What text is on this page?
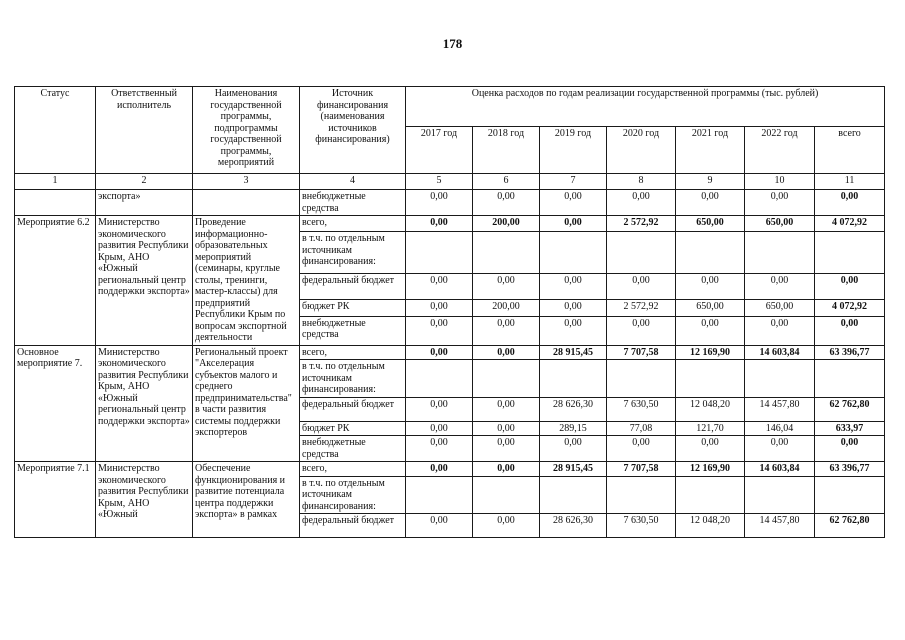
178
Статус	Ответственный исполнитель	Наименования государственной программы, подпрограммы государственной программы, мероприятий	Источник финансирования (наименования источников финансирования)	Оценка расходов по годам реализации государственной программы (тыс. рублей)						
				2017 год	2018 год	2019 год	2020 год	2021 год	2022 год	всего
1	2	3	4	5	6	7	8	9	10	11
	экспорта»		внебюджетные средства	0,00	0,00	0,00	0,00	0,00	0,00	0,00
Мероприятие 6.2	Министерство экономического развития Республики Крым, АНО «Южный региональный центр поддержки экспорта»	Проведение информационно-образовательных мероприятий (семинары, круглые столы, тренинги, мастер-классы) для предприятий Республики Крым по вопросам экспортной деятельности	всего,	0,00	200,00	0,00	2 572,92	650,00	650,00	4 072,92
			в т.ч. по отдельным источникам финансирования:							
			федеральный бюджет	0,00	0,00	0,00	0,00	0,00	0,00	0,00
			бюджет РК	0,00	200,00	0,00	2 572,92	650,00	650,00	4 072,92
			внебюджетные средства	0,00	0,00	0,00	0,00	0,00	0,00	0,00
Основное мероприятие 7.	Министерство экономического развития Республики Крым, АНО «Южный региональный центр поддержки экспорта»	Региональный проект "Акселерация субъектов малого и среднего предпринимательства" в части развития системы поддержки экспортеров	всего,	0,00	0,00	28 915,45	7 707,58	12 169,90	14 603,84	63 396,77
			в т.ч. по отдельным источникам финансирования:							
			федеральный бюджет	0,00	0,00	28 626,30	7 630,50	12 048,20	14 457,80	62 762,80
			бюджет РК	0,00	0,00	289,15	77,08	121,70	146,04	633,97
			внебюджетные средства	0,00	0,00	0,00	0,00	0,00	0,00	0,00
Мероприятие 7.1	Министерство экономического развития Республики Крым, АНО «Южный	Обеспечение функционирования и развитие потенциала центра поддержки экспорта» в рамках	всего,	0,00	0,00	28 915,45	7 707,58	12 169,90	14 603,84	63 396,77
			в т.ч. по отдельным источникам финансирования:							
			федеральный бюджет	0,00	0,00	28 626,30	7 630,50	12 048,20	14 457,80	62 762,80
